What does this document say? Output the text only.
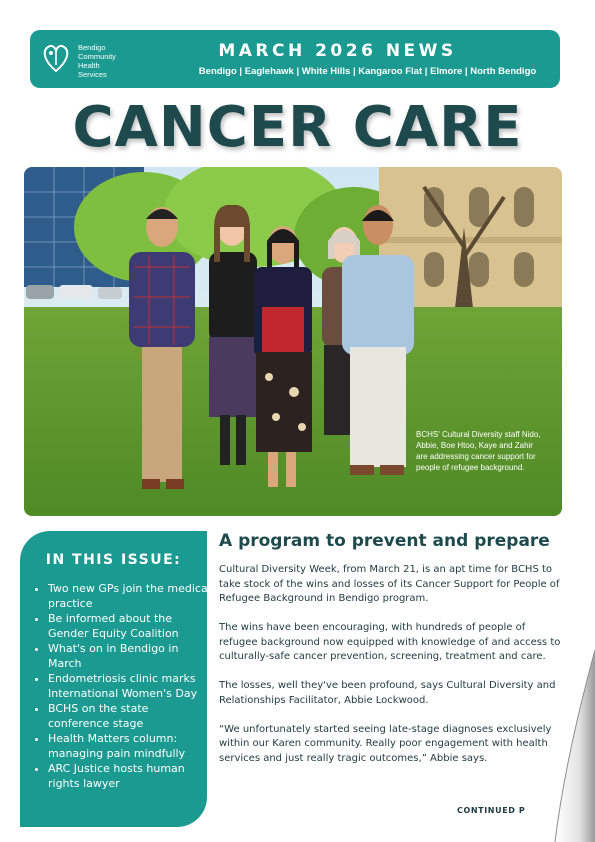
Bendigo
Community
Health
Services
MARCH 2026 NEWS
Bendigo | Eaglehawk | White Hills | Kangaroo Flat | Elmore | North Bendigo
CANCER CARE
BCHS' Cultural Diversity staff Nido, Abbie, Boe Htoo, Kaye and Zahir are addressing cancer support for people of refugee background.
IN THIS ISSUE:
• Two new GPs join the medical practice
• Be informed about the Gender Equity Coalition
• What's on in Bendigo in March
• Endometriosis clinic marks International Women's Day
• BCHS on the state conference stage
• Health Matters column: managing pain mindfully
• ARC Justice hosts human rights lawyer
A program to prevent and prepare

Cultural Diversity Week, from March 21, is an apt time for BCHS to take stock of the wins and losses of its Cancer Support for People of Refugee Background in Bendigo program.

The wins have been encouraging, with hundreds of people of refugee background now equipped with knowledge of and access to culturally-safe cancer prevention, screening, treatment and care.

The losses, well they've been profound, says Cultural Diversity and Relationships Facilitator, Abbie Lockwood.

“We unfortunately started seeing late-stage diagnoses exclusively within our Karen community. Really poor engagement with health services and just really tragic outcomes,” Abbie says.

CONTINUED P
